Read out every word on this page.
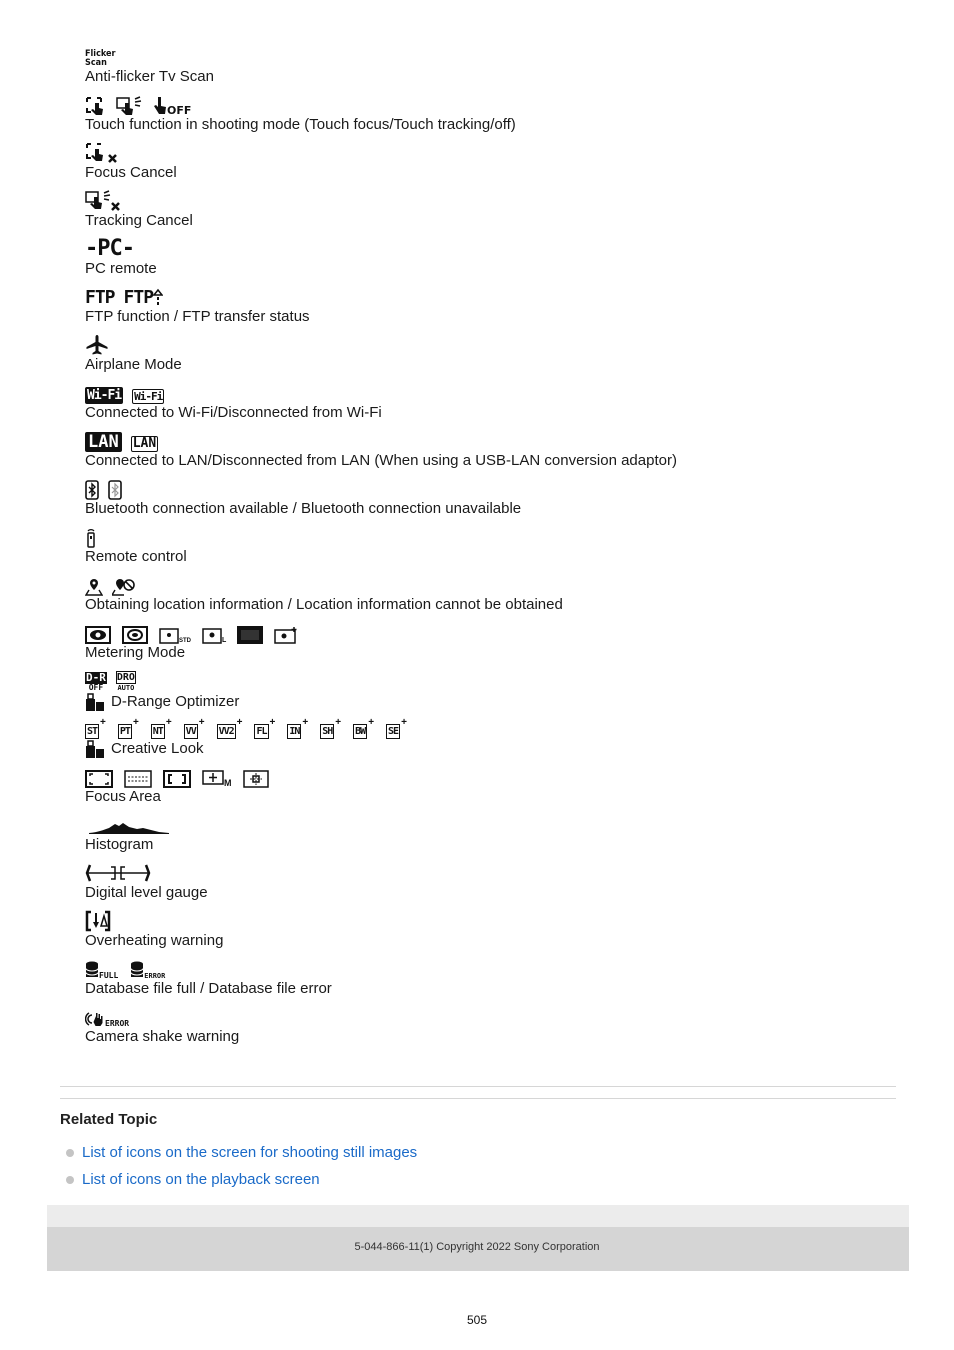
Flicker
Scan
Anti-flicker Tv Scan
OFF
Touch function in shooting mode (Touch focus/Touch tracking/off)
Focus Cancel
Tracking Cancel
-PC-
PC remote
FTP FTP
FTP function / FTP transfer status
Airplane Mode
Wi-Fi Wi-Fi
Connected to Wi-Fi/Disconnected from Wi-Fi
LAN LAN
Connected to LAN/Disconnected from LAN (When using a USB-LAN conversion adaptor)
Bluetooth connection available / Bluetooth connection unavailable
Remote control
Obtaining location information / Location information cannot be obtained
STD	L
Metering Mode
D-R
OFF
DRO
AUTO
D-Range Optimizer
ST
+
PT
+
NT
+
VV
+
VV2
+
FL
+
IN
+
SH
+
BW
+
SE
+
Creative Look
M
Focus Area
Histogram
Digital level gauge
Overheating warning
FULL	ERROR
Database file full / Database file error
ERROR
Camera shake warning
Related Topic
List of icons on the screen for shooting still images
List of icons on the playback screen
5-044-866-11(1) Copyright 2022 Sony Corporation
505
